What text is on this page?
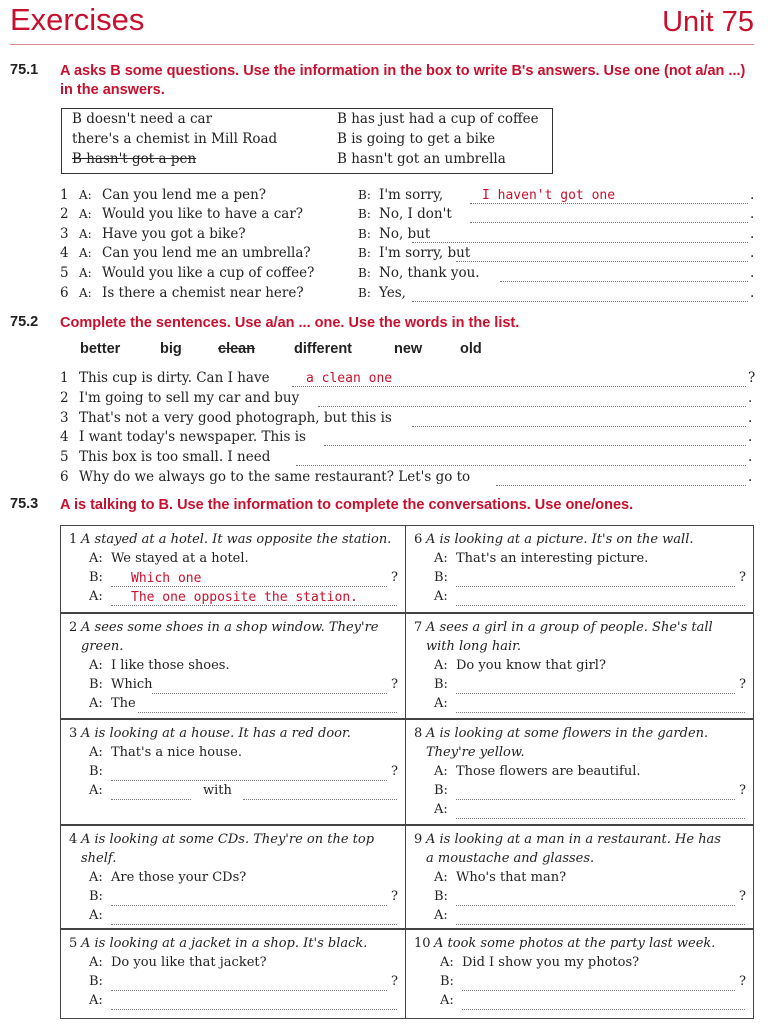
Exercises	Unit 75
75.1 A asks B some questions. Use the information in the box to write B's answers. Use one (not a/an ...) in the answers.
B doesn't need a car
there's a chemist in Mill Road
B hasn't got a pen
B has just had a cup of coffee
B is going to get a bike
B hasn't got an umbrella
1 A: Can you lend me a pen?	B: I'm sorry,	I haven't got one	.
2 A: Would you like to have a car?	B: No, I don't	.
3 A: Have you got a bike?	B: No, but	.
4 A: Can you lend me an umbrella?	B: I'm sorry, but	.
5 A: Would you like a cup of coffee?	B: No, thank you.	.
6 A: Is there a chemist near here?	B: Yes,	.
75.2 Complete the sentences. Use a/an ... one. Use the words in the list.
better	big	clean	different	new	old
1 This cup is dirty. Can I have	a clean one	?
2 I'm going to sell my car and buy	.
3 That's not a very good photograph, but this is	.
4 I want today's newspaper. This is	.
5 This box is too small. I need	.
6 Why do we always go to the same restaurant? Let's go to	.
75.3 A is talking to B. Use the information to complete the conversations. Use one/ones.
1 A stayed at a hotel. It was opposite the station.
A: We stayed at a hotel.
B: Which one	?
A: The one opposite the station.
6 A is looking at a picture. It's on the wall.
A: That's an interesting picture.
B:	?
A:
2 A sees some shoes in a shop window. They're
green.
A: I like those shoes.
B: Which	?
A: The
7 A sees a girl in a group of people. She's tall
with long hair.
A: Do you know that girl?
B:	?
A:
3 A is looking at a house. It has a red door.
A: That's a nice house.
B:	?
A:	with
8 A is looking at some flowers in the garden.
They're yellow.
A: Those flowers are beautiful.
B:	?
A:
4 A is looking at some CDs. They're on the top
shelf.
A: Are those your CDs?
B:	?
A:
9 A is looking at a man in a restaurant. He has
a moustache and glasses.
A: Who's that man?
B:	?
A:
5 A is looking at a jacket in a shop. It's black.
A: Do you like that jacket?
B:	?
A:
10 A took some photos at the party last week.
A: Did I show you my photos?
B:	?
A:
